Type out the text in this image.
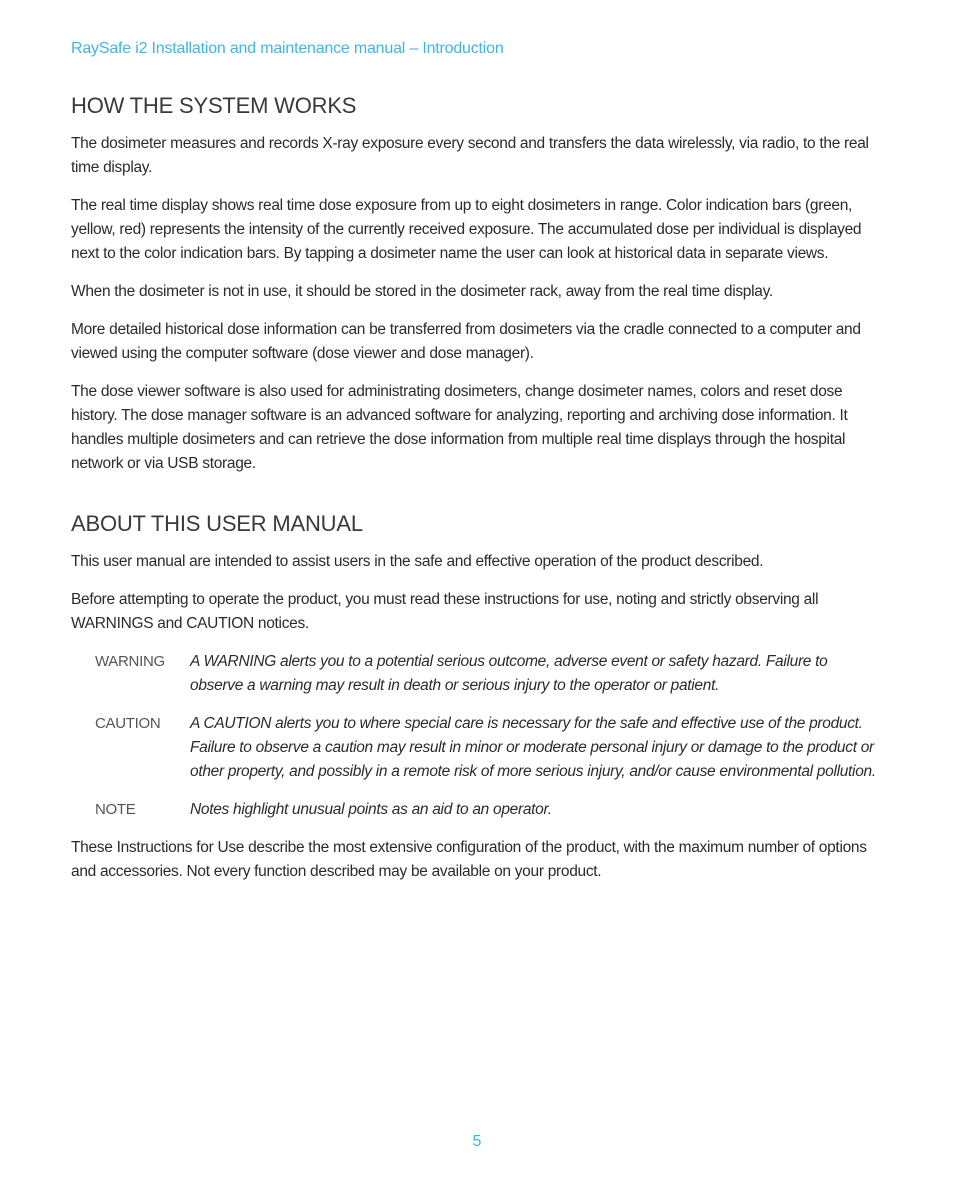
RaySafe i2 Installation and maintenance manual – Introduction
HOW THE SYSTEM WORKS

The dosimeter measures and records X-ray exposure every second and transfers the data wirelessly, via radio, to the real time display.

The real time display shows real time dose exposure from up to eight dosimeters in range. Color indication bars (green, yellow, red) represents the intensity of the currently received exposure. The accumulated dose per individual is displayed next to the color indication bars. By tapping a dosimeter name the user can look at historical data in separate views.

When the dosimeter is not in use, it should be stored in the dosimeter rack, away from the real time display.

More detailed historical dose information can be transferred from dosimeters via the cradle connected to a computer and viewed using the computer software (dose viewer and dose manager).

The dose viewer software is also used for administrating dosimeters, change dosimeter names, colors and reset dose history. The dose manager software is an advanced software for analyzing, reporting and archiving dose information. It handles multiple dosimeters and can retrieve the dose information from multiple real time displays through the hospital network or via USB storage.

ABOUT THIS USER MANUAL

This user manual are intended to assist users in the safe and effective operation of the product described.

Before attempting to operate the product, you must read these instructions for use, noting and strictly observing all WARNINGS and CAUTION notices.

WARNING	A WARNING alerts you to a potential serious outcome, adverse event or safety hazard. Failure to observe a warning may result in death or serious injury to the operator or patient.
CAUTION	A CAUTION alerts you to where special care is necessary for the safe and effective use of the product. Failure to observe a caution may result in minor or moderate personal injury or damage to the product or other property, and possibly in a remote risk of more serious injury, and/or cause environmental pollution.
NOTE	Notes highlight unusual points as an aid to an operator.

These Instructions for Use describe the most extensive configuration of the product, with the maximum number of options and accessories. Not every function described may be available on your product.

5
